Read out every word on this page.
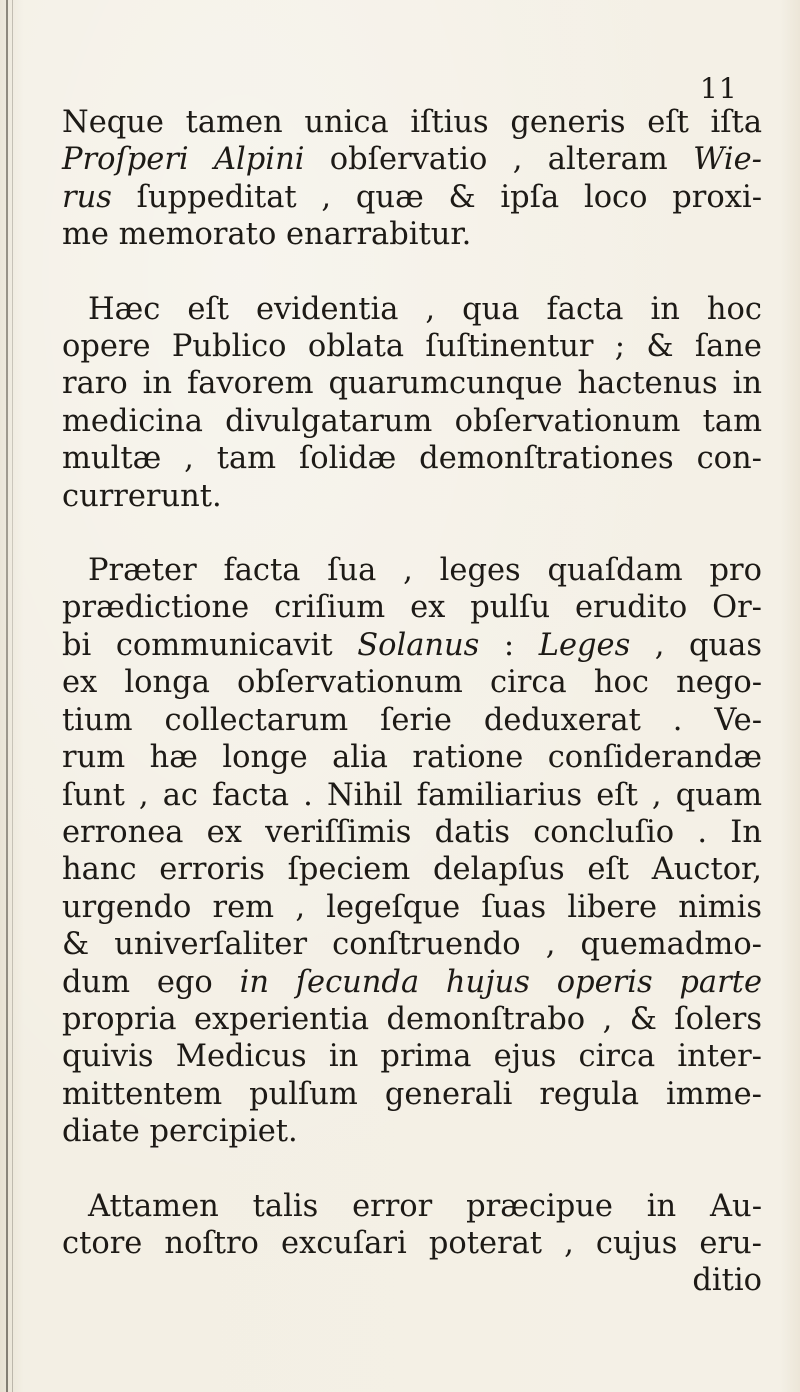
11
Neque tamen unica iſtius generis eſt iſta
Proſperi Alpini obſervatio , alteram Wie-
rus ſuppeditat , quæ & ipſa loco proxi-
me memorato enarrabitur.
Hæc eſt evidentia , qua facta in hoc
opere Publico oblata ſuſtinentur ; & ſane
raro in favorem quarumcunque hactenus in
medicina divulgatarum obſervationum tam
multæ , tam ſolidæ demonſtrationes con-
currerunt.
Præter facta ſua , leges quaſdam pro
prædictione criſium ex pulſu erudito Or-
bi communicavit Solanus : Leges , quas
ex longa obſervationum circa hoc nego-
tium collectarum ſerie deduxerat . Ve-
rum hæ longe alia ratione conſiderandæ
ſunt , ac facta . Nihil familiarius eſt , quam
erronea ex veriſſimis datis concluſio . In
hanc erroris ſpeciem delapſus eſt Auctor,
urgendo rem , legeſque ſuas libere nimis
& univerſaliter conſtruendo , quemadmo-
dum ego in ſecunda hujus operis parte
propria experientia demonſtrabo , & ſolers
quivis Medicus in prima ejus circa inter-
mittentem pulſum generali regula imme-
diate percipiet.
Attamen talis error præcipue in Au-
ctore noſtro excuſari poterat , cujus eru-
ditio
